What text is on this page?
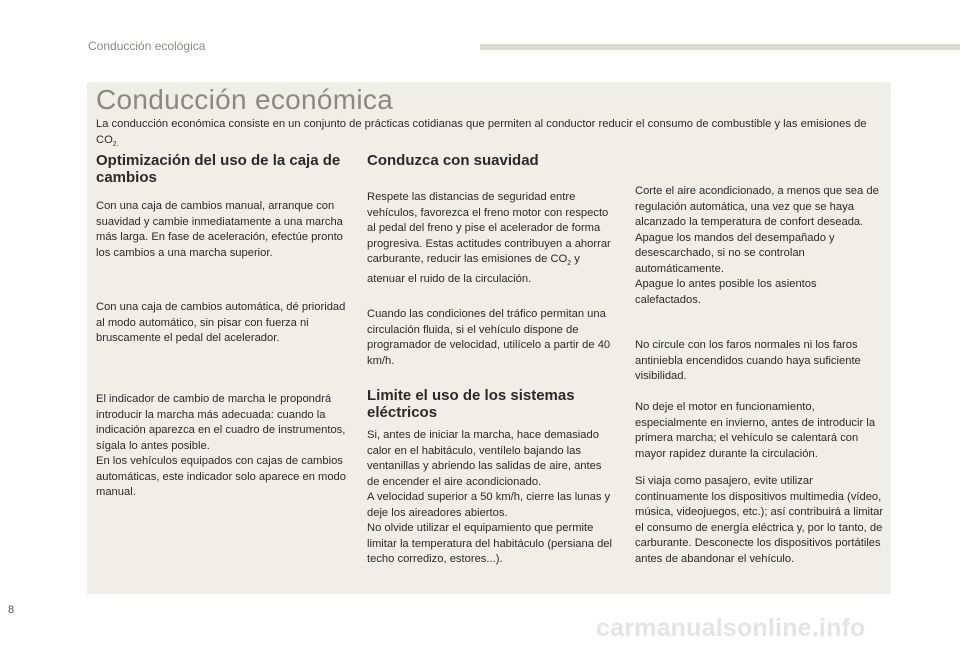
Conducción ecológica
Conducción económica
La conducción económica consiste en un conjunto de prácticas cotidianas que permiten al conductor reducir el consumo de combustible y las emisiones de $CO_{2.}$
Optimización del uso de la caja de cambios

Con una caja de cambios manual, arranque con suavidad y cambie inmediatamente a una marcha más larga. En fase de aceleración, efectúe pronto los cambios a una marcha superior.

Con una caja de cambios automática, dé prioridad al modo automático, sin pisar con fuerza ni bruscamente el pedal del acelerador.

El indicador de cambio de marcha le propondrá introducir la marcha más adecuada: cuando la indicación aparezca en el cuadro de instrumentos, sígala lo antes posible.

En los vehículos equipados con cajas de cambios automáticas, este indicador solo aparece en modo manual.

Conduzca con suavidad

Respete las distancias de seguridad entre vehículos, favorezca el freno motor con respecto al pedal del freno y pise el acelerador de forma progresiva. Estas actitudes contribuyen a ahorrar carburante, reducir las emisiones de $CO_2$ y atenuar el ruido de la circulación.

Cuando las condiciones del tráfico permitan una circulación fluida, si el vehículo dispone de programador de velocidad, utilícelo a partir de 40 km/h.

Limite el uso de los sistemas eléctricos

Si, antes de iniciar la marcha, hace demasiado calor en el habitáculo, ventílelo bajando las ventanillas y abriendo las salidas de aire, antes de encender el aire acondicionado.

A velocidad superior a 50 km/h, cierre las lunas y deje los aireadores abiertos.

No olvide utilizar el equipamiento que permite limitar la temperatura del habitáculo (persiana del techo corredizo, estores...).

Corte el aire acondicionado, a menos que sea de regulación automática, una vez que se haya alcanzado la temperatura de confort deseada.

Apague los mandos del desempañado y desescarchado, si no se controlan automáticamente.

Apague lo antes posible los asientos calefactados.

No circule con los faros normales ni los faros antiniebla encendidos cuando haya suficiente visibilidad.

No deje el motor en funcionamiento, especialmente en invierno, antes de introducir la primera marcha; el vehículo se calentará con mayor rapidez durante la circulación.

Si viaja como pasajero, evite utilizar continuamente los dispositivos multimedia (vídeo, música, videojuegos, etc.); así contribuirá a limitar el consumo de energía eléctrica y, por lo tanto, de carburante. Desconecte los dispositivos portátiles antes de abandonar el vehículo.

8
carmanualsonline.info
